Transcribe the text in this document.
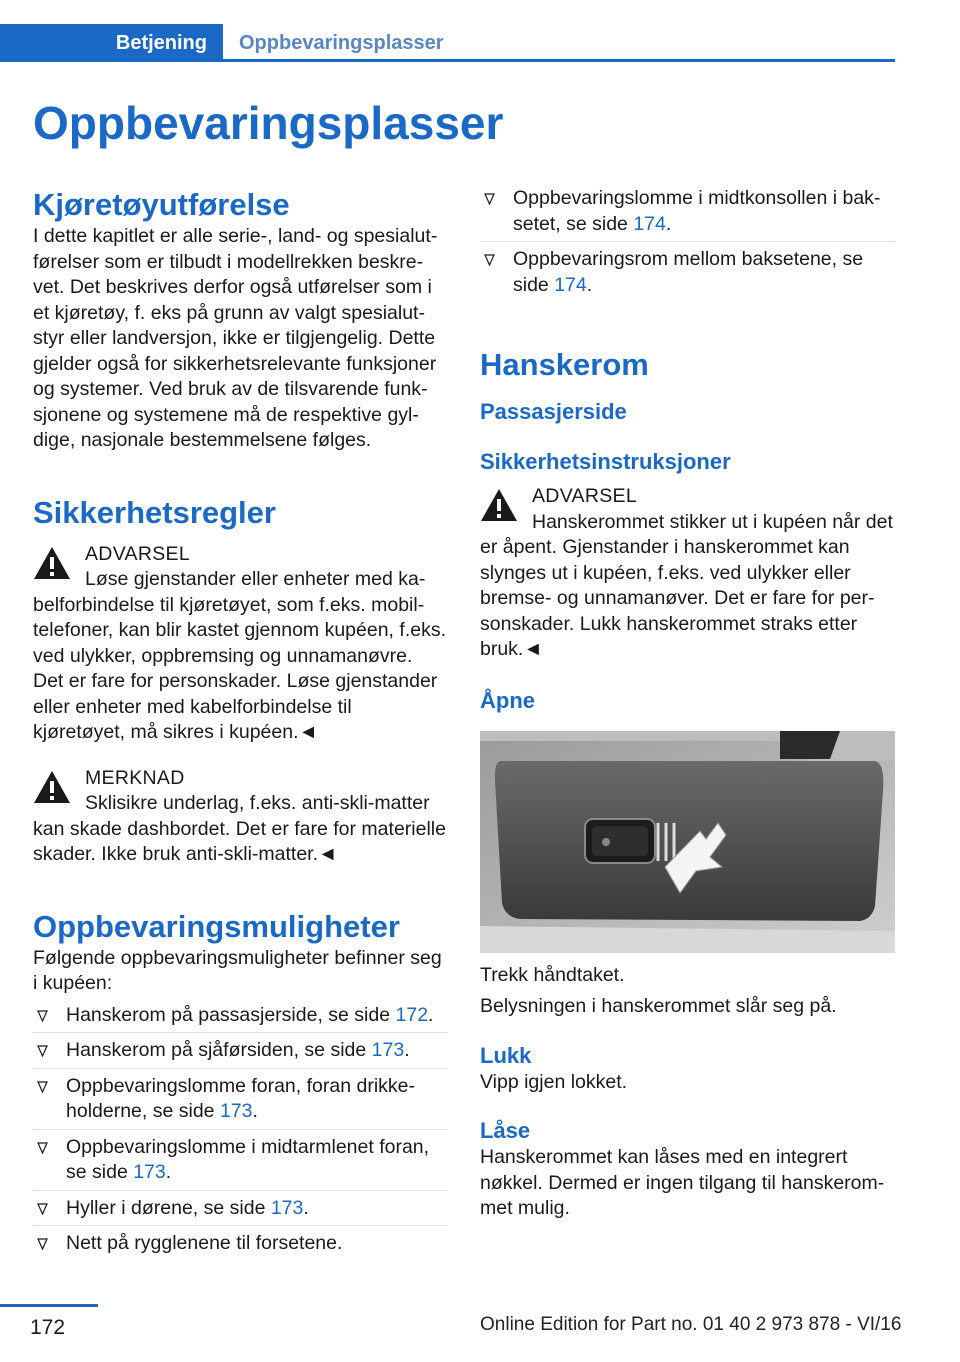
Betjening	Oppbevaringsplasser
Oppbevaringsplasser
Kjøretøyutførelse

I dette kapitlet er alle serie-, land- og spesialutførelser som er tilbudt i modellrekken beskrevet. Det beskrives derfor også utførelser som i et kjøretøy, f. eks på grunn av valgt spesialutstyr eller landversjon, ikke er tilgjengelig. Dette gjelder også for sikkerhetsrelevante funksjoner og systemer. Ved bruk av de tilsvarende funksjonene og systemene må de respektive gyldige, nasjonale bestemmelsene følges.

Sikkerhetsregler
ADVARSEL
Løse gjenstander eller enheter med kabelforbindelse til kjøretøyet, som f.eks. mobiltelefoner, kan blir kastet gjennom kupéen, f.eks. ved ulykker, oppbremsing og unnamanøvre. Det er fare for personskader. Løse gjenstander eller enheter med kabelforbindelse til kjøretøyet, må sikres i kupéen.◄
MERKNAD
Sklisikre underlag, f.eks. anti-skli-matter kan skade dashbordet. Det er fare for materielle skader. Ikke bruk anti-skli-matter.◄
Oppbevaringsmuligheter

Følgende oppbevaringsmuligheter befinner seg i kupéen:

Hanskerom på passasjerside, se side 172.
Hanskerom på sjåførsiden, se side 173.
Oppbevaringslomme foran, foran drikkeholderne, se side 173.
Oppbevaringslomme i midtarmlenet foran, se side 173.
Hyller i dørene, se side 173.
Nett på rygglenene til forsetene.
Oppbevaringslomme i midtkonsollen i baksetet, se side 174.
Oppbevaringsrom mellom baksetene, se side 174.
Hanskerom
Passasjerside
Sikkerhetsinstruksjoner
ADVARSEL
Hanskerommet stikker ut i kupéen når det er åpent. Gjenstander i hanskerommet kan slynges ut i kupéen, f.eks. ved ulykker eller bremse- og unnamanøver. Det er fare for personskader. Lukk hanskerommet straks etter bruk.◄
Åpne

Trekk håndtaket.

Belysningen i hanskerommet slår seg på.

Lukk

Vipp igjen lokket.

Låse

Hanskerommet kan låses med en integrert nøkkel. Dermed er ingen tilgang til hanskerommet mulig.

172	Online Edition for Part no. 01 40 2 973 878 - VI/16
